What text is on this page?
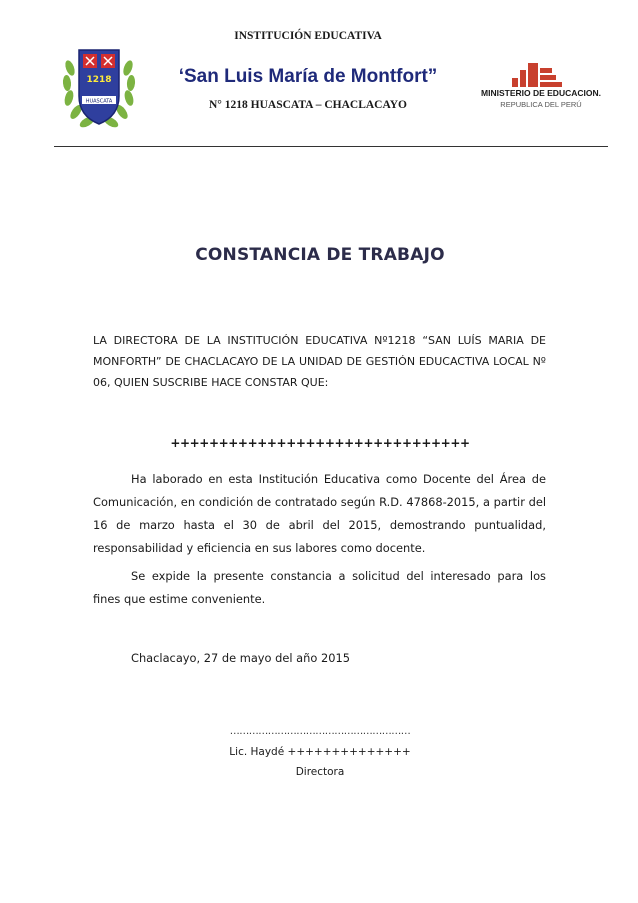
1218
HUASCATA
INSTITUCIÓN EDUCATIVA
‘San Luis María de Montfort”
N° 1218 HUASCATA – CHACLACAYO
MINISTERIO DE EDUCACION.
REPUBLICA DEL PERÚ
CONSTANCIA DE TRABAJO
LA DIRECTORA DE LA INSTITUCIÓN EDUCATIVA Nº1218 “SAN LUÍS MARIA DE MONFORTH” DE CHACLACAYO DE LA UNIDAD DE GESTIÓN EDUCACTIVA LOCAL Nº 06, QUIEN SUSCRIBE HACE CONSTAR QUE:
+++++++++++++++++++++++++++++++
Ha laborado en esta Institución Educativa como Docente del Área de Comunicación, en condición de contratado según R.D. 47868-2015, a partir del 16 de marzo hasta el 30 de abril del 2015, demostrando puntualidad, responsabilidad y eficiencia en sus labores como docente.
Se expide la presente constancia a solicitud del interesado para los fines que estime conveniente.
Chaclacayo, 27 de mayo del año 2015
…………………………………………………
Lic. Haydé ++++++++++++++
Directora
